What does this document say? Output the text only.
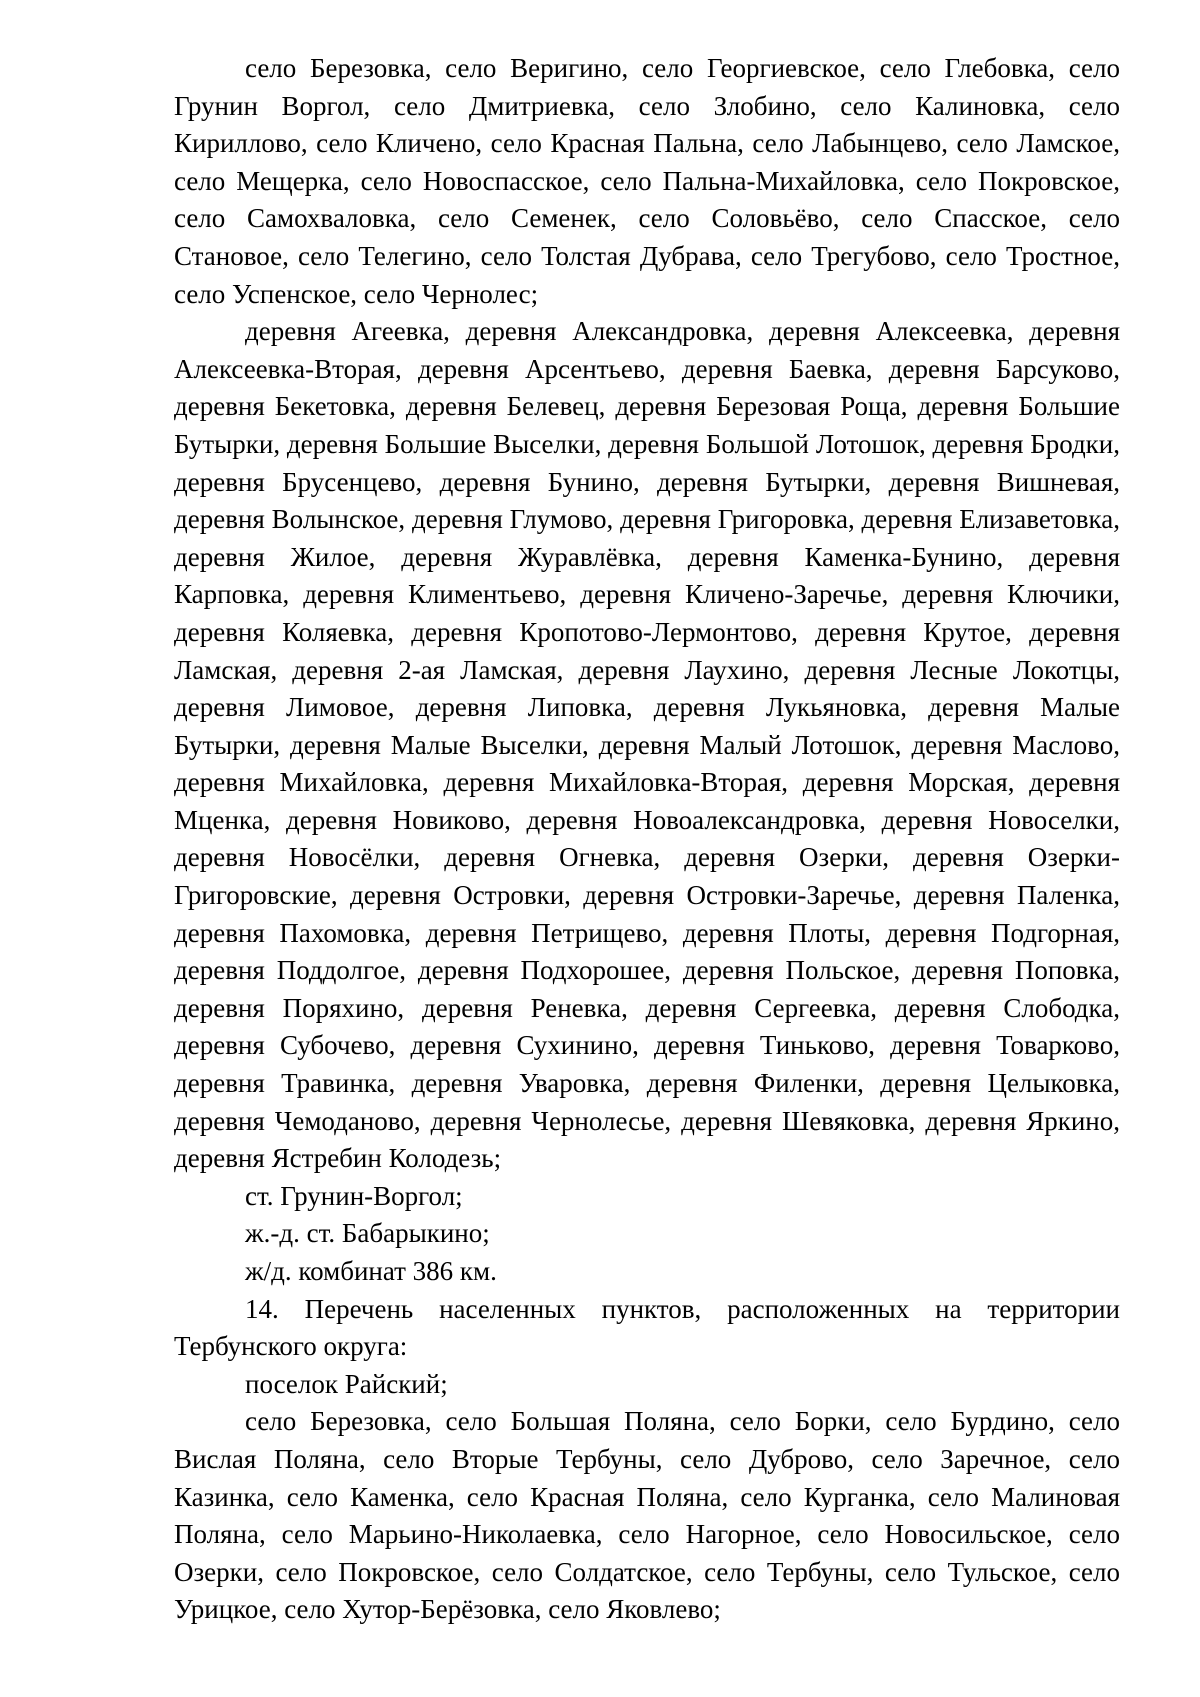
село Березовка, село Веригино, село Георгиевское, село Глебовка, село Грунин Воргол, село Дмитриевка, село Злобино, село Калиновка, село Кириллово, село Кличено, село Красная Пальна, село Лабынцево, село Ламское, село Мещерка, село Новоспасское, село Пальна-Михайловка, село Покровское, село Самохваловка, село Семенек, село Соловьёво, село Спасское, село Становое, село Телегино, село Толстая Дубрава, село Трегубово, село Тростное, село Успенское, село Чернолес;

деревня Агеевка, деревня Александровка, деревня Алексеевка, деревня Алексеевка-Вторая, деревня Арсентьево, деревня Баевка, деревня Барсуково, деревня Бекетовка, деревня Белевец, деревня Березовая Роща, деревня Большие Бутырки, деревня Большие Выселки, деревня Большой Лотошок, деревня Бродки, деревня Брусенцево, деревня Бунино, деревня Бутырки, деревня Вишневая, деревня Волынское, деревня Глумово, деревня Григоровка, деревня Елизаветовка, деревня Жилое, деревня Журавлёвка, деревня Каменка-Бунино, деревня Карповка, деревня Климентьево, деревня Кличено-Заречье, деревня Ключики, деревня Коляевка, деревня Кропотово-Лермонтово, деревня Крутое, деревня Ламская, деревня 2-ая Ламская, деревня Лаухино, деревня Лесные Локотцы, деревня Лимовое, деревня Липовка, деревня Лукьяновка, деревня Малые Бутырки, деревня Малые Выселки, деревня Малый Лотошок, деревня Маслово, деревня Михайловка, деревня Михайловка-Вторая, деревня Морская, деревня Мценка, деревня Новиково, деревня Новоалександровка, деревня Новоселки, деревня Новосёлки, деревня Огневка, деревня Озерки, деревня Озерки-Григоровские, деревня Островки, деревня Островки-Заречье, деревня Паленка, деревня Пахомовка, деревня Петрищево, деревня Плоты, деревня Подгорная, деревня Поддолгое, деревня Подхорошее, деревня Польское, деревня Поповка, деревня Поряхино, деревня Реневка, деревня Сергеевка, деревня Слободка, деревня Субочево, деревня Сухинино, деревня Тиньково, деревня Товарково, деревня Травинка, деревня Уваровка, деревня Филенки, деревня Целыковка, деревня Чемоданово, деревня Чернолесье, деревня Шевяковка, деревня Яркино, деревня Ястребин Колодезь;

ст. Грунин-Воргол;

ж.-д. ст. Бабарыкино;

ж/д. комбинат 386 км.

14. Перечень населенных пунктов, расположенных на территории Тербунского округа:

поселок Райский;

село Березовка, село Большая Поляна, село Борки, село Бурдино, село Вислая Поляна, село Вторые Тербуны, село Дуброво, село Заречное, село Казинка, село Каменка, село Красная Поляна, село Курганка, село Малиновая Поляна, село Марьино-Николаевка, село Нагорное, село Новосильское, село Озерки, село Покровское, село Солдатское, село Тербуны, село Тульское, село Урицкое, село Хутор-Берёзовка, село Яковлево;
